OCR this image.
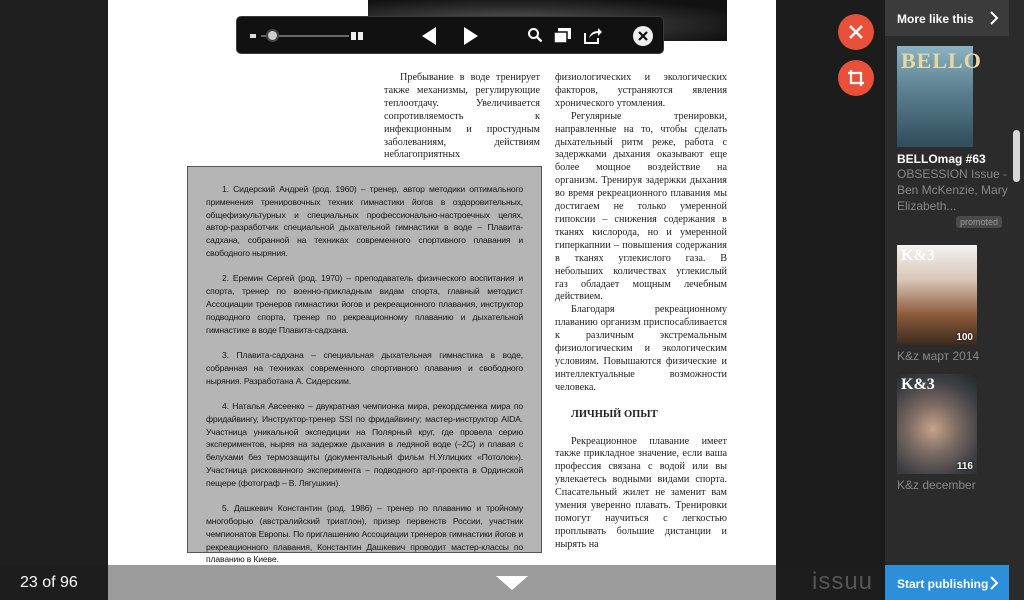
Пребывание в воде тренирует также механизмы, регулирующие теплоотдачу. Увеличивается сопротивляемость к инфекционным и простудным заболеваниям, действиям неблагоприятных

физиологических и экологических факторов, устраняются явления хронического утомления.

Регулярные тренировки, направленные на то, чтобы сделать дыхательный ритм реже, работа с задержками дыхания оказывают еще более мощное воздействие на организм. Тренируя задержки дыхания во время рекреационного плавания мы достигаем не только умеренной гипоксии – снижения содержания в тканях кислорода, но и умеренной гиперкапнии – повышения содержания в тканях углекислого газа. В небольших количествах углекислый газ обладает мощным лечебным действием.

Благодаря рекреационному плаванию организм приспосабливается к различным экстремальным физиологическим и экологическим условиям. Повышаются физические и интеллектуальные возможности человека.

ЛИЧНЫЙ ОПЫТ

Рекреационное плавание имеет также прикладное значение, если ваша профессия связана с водой или вы увлекаетесь водными видами спорта. Спасательный жилет не заменит вам умения уверенно плавать. Тренировки помогут научиться с легкостью проплывать большие дистанции и нырять на

1. Сидерский Андрей (род. 1960) – тренер, автор методики оптимального применения тренировочных техник гимнастики йогов в оздоровительных, общефизкультурных и специальных профессионально-настроечных целях, автор-разработчик специальной дыхательной гимнастики в воде – Плавита-садхана, собранной на техниках современного спортивного плавания и свободного ныряния.

2. Еремин Сергей (род. 1970) – преподаватель физического воспитания и спорта, тренер по военно-прикладным видам спорта, главный методист Ассоциации тренеров гимнастики йогов и рекреационного плавания, инструктор подводного спорта, тренер по рекреационному плаванию и дыхательной гимнастике в воде Плавита-садхана.

3. Плавита-садхана – специальная дыхательная гимнастика в воде, собранная на техниках современного спортивного плавания и свободного ныряния. Разработана А. Сидерским.

4. Наталья Авсеенко – двукратная чемпионка мира, рекордсменка мира по фридайвингу, Инструктор-тренер SSI по фридайвингу; мастер-инструктор AIDA. Участница уникальной экспедиции на Полярный круг, где провела серию экспериментов, ныряя на задержке дыхания в ледяной воде (–2С) и плавая с белухами без термозащиты (документальный фильм Н.Углицких «Потолок»). Участница рискованного эксперимента – подводного арт-проекта в Ординской пещере (фотограф – В. Лягушкин).

5. Дашкевич Константин (род. 1986) – тренер по плаванию и тройному многоборью (австралийский триатлон), призер первенств России, участник чемпионатов Европы. По приглашению Ассоциации тренеров гимнастики йогов и рекреационного плавания, Константин Дашкевич проводит мастер-классы по плаванию в Киеве.

23 of 96	issuu
More like this
BELLO
BELLOmag #63
OBSESSION Issue - Ben McKenzie, Mary Elizabeth...
promoted
K&3
100
K&z март 2014
K&3
116
K&z december
Start publishing
